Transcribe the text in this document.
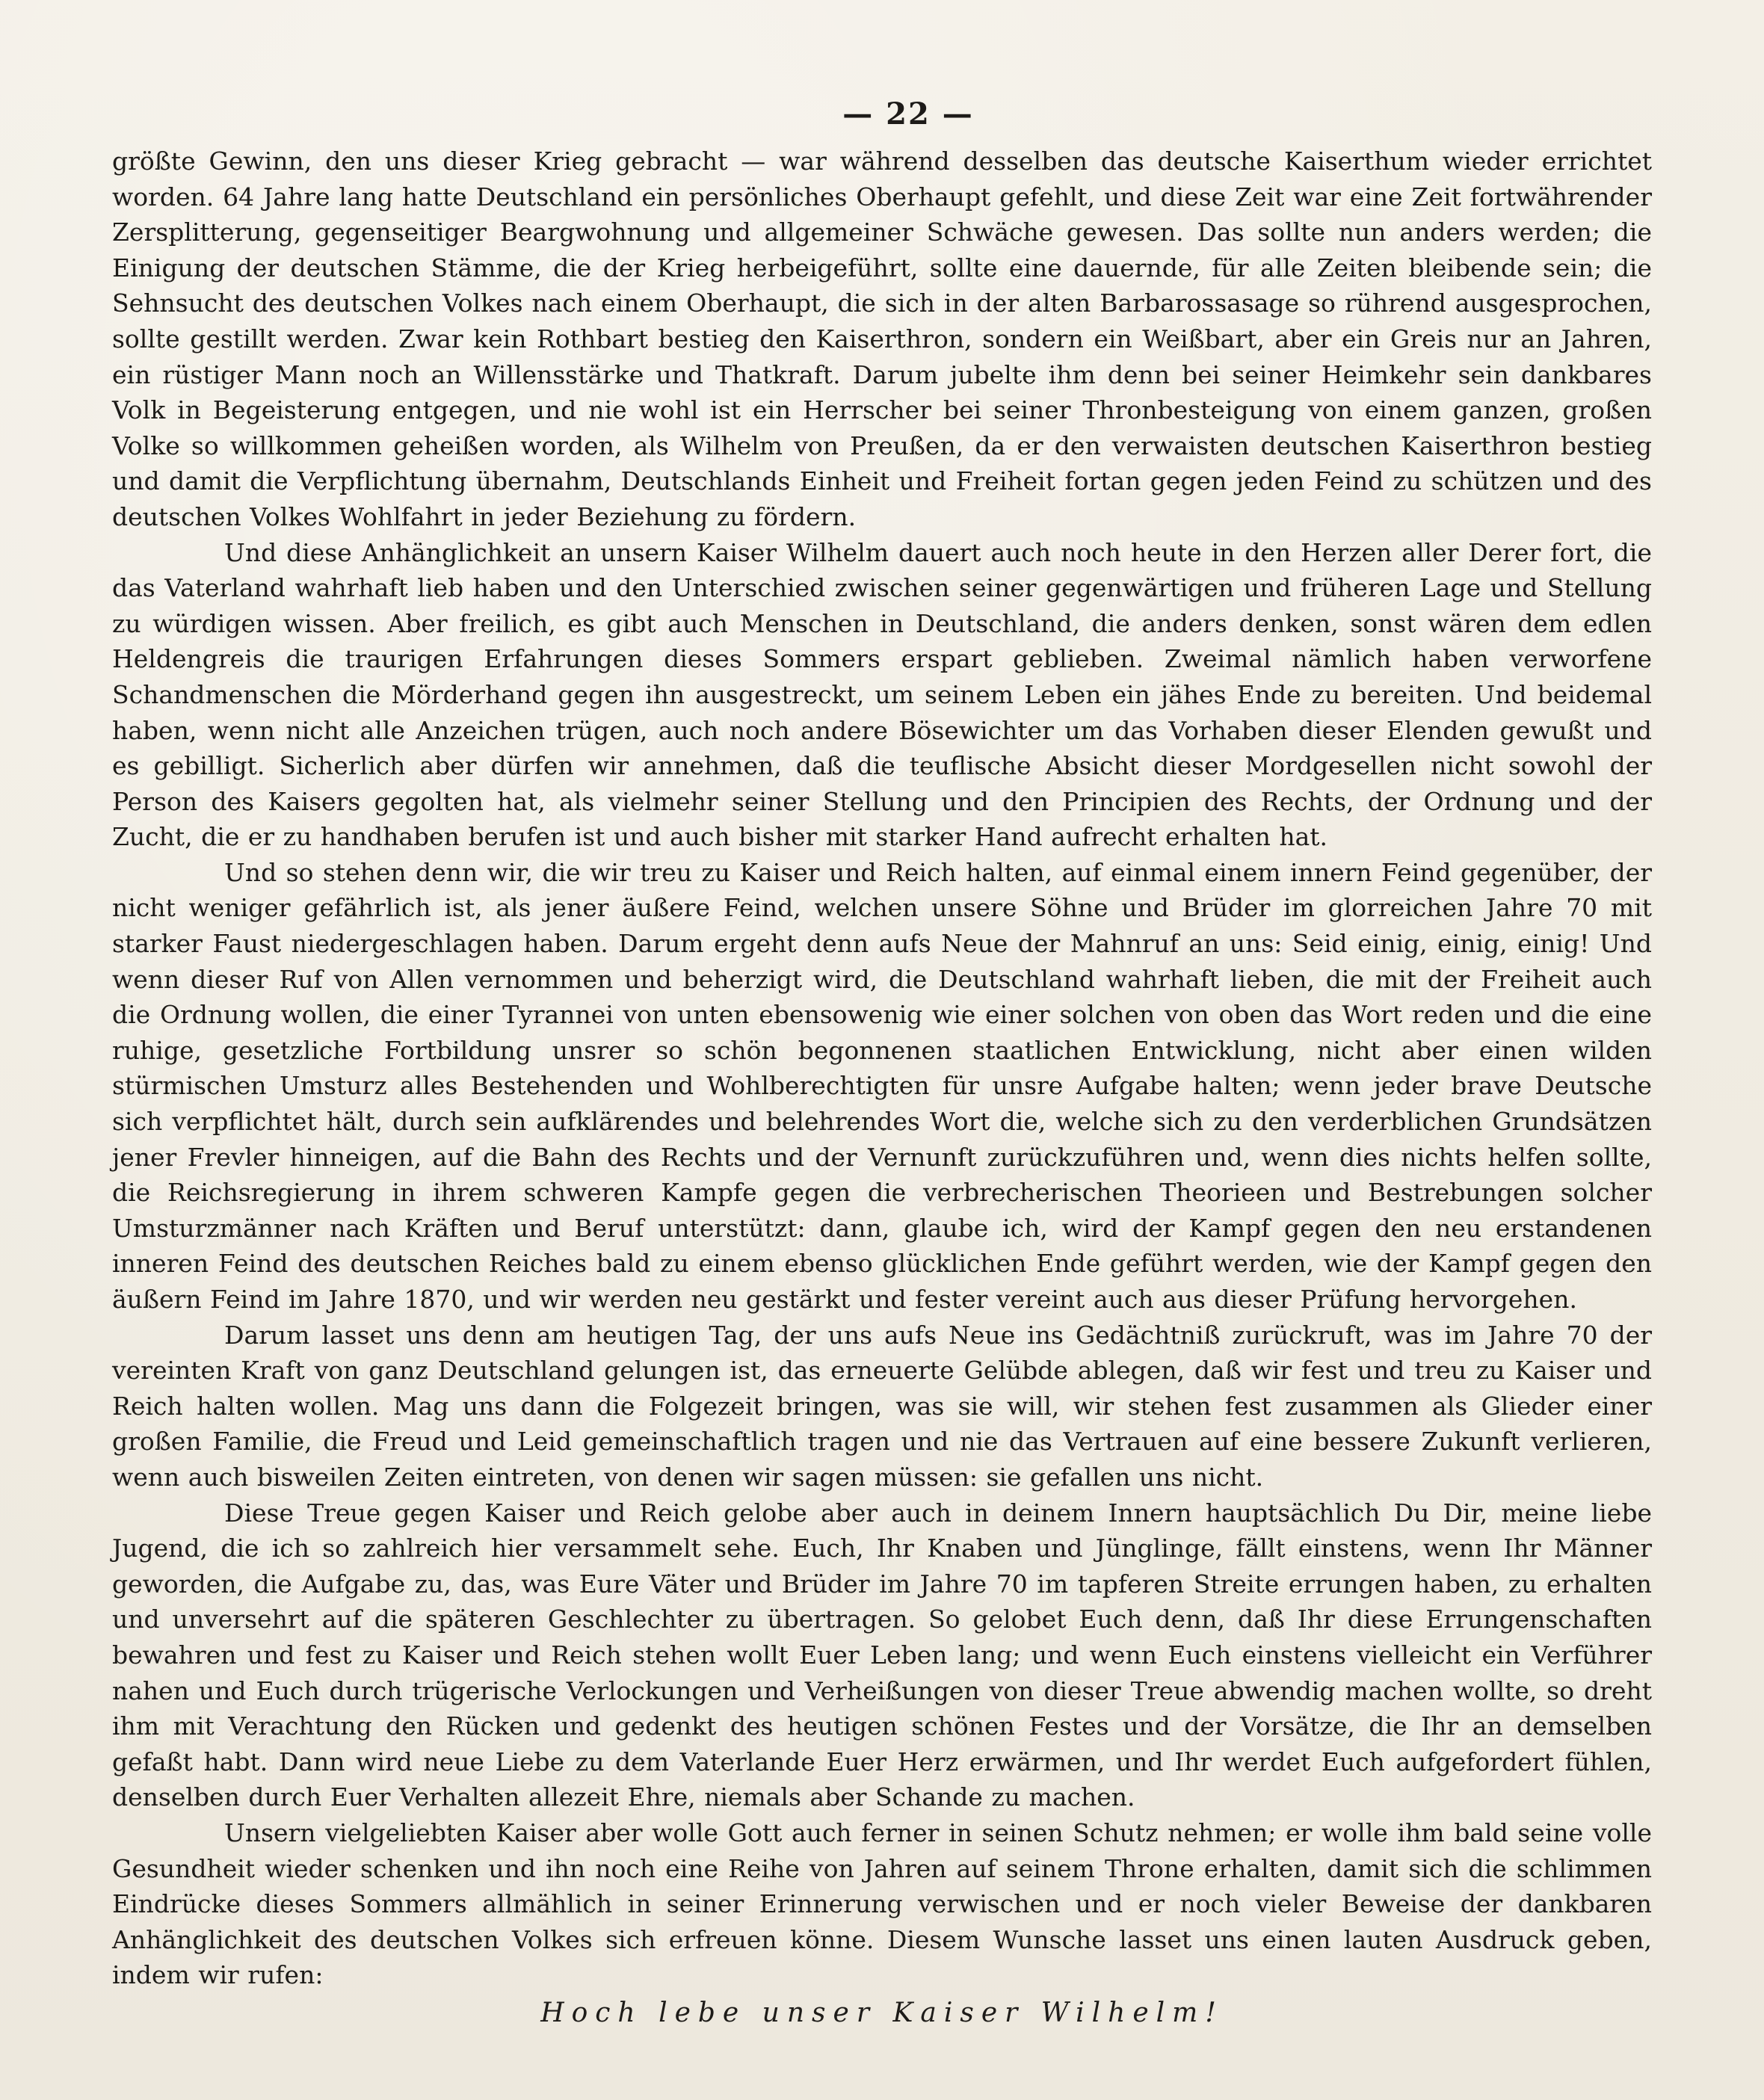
— 22 —

größte Gewinn, den uns dieser Krieg gebracht — war während desselben das deutsche Kaiserthum wieder errichtet worden. 64 Jahre lang hatte Deutschland ein persönliches Oberhaupt gefehlt, und diese Zeit war eine Zeit fortwährender Zersplitterung, gegenseitiger Beargwohnung und allgemeiner Schwäche gewesen. Das sollte nun anders werden; die Einigung der deutschen Stämme, die der Krieg herbeigeführt, sollte eine dauernde, für alle Zeiten bleibende sein; die Sehnsucht des deutschen Volkes nach einem Oberhaupt, die sich in der alten Barbarossasage so rührend ausgesprochen, sollte gestillt werden. Zwar kein Rothbart bestieg den Kaiserthron, sondern ein Weißbart, aber ein Greis nur an Jahren, ein rüstiger Mann noch an Willensstärke und Thatkraft. Darum jubelte ihm denn bei seiner Heimkehr sein dankbares Volk in Begeisterung entgegen, und nie wohl ist ein Herrscher bei seiner Thronbesteigung von einem ganzen, großen Volke so willkommen geheißen worden, als Wilhelm von Preußen, da er den verwaisten deutschen Kaiserthron bestieg und damit die Verpflichtung übernahm, Deutschlands Einheit und Freiheit fortan gegen jeden Feind zu schützen und des deutschen Volkes Wohlfahrt in jeder Beziehung zu fördern.

Und diese Anhänglichkeit an unsern Kaiser Wilhelm dauert auch noch heute in den Herzen aller Derer fort, die das Vaterland wahrhaft lieb haben und den Unterschied zwischen seiner gegenwärtigen und früheren Lage und Stellung zu würdigen wissen. Aber freilich, es gibt auch Menschen in Deutschland, die anders denken, sonst wären dem edlen Heldengreis die traurigen Erfahrungen dieses Sommers erspart geblieben. Zweimal nämlich haben verworfene Schandmenschen die Mörderhand gegen ihn ausgestreckt, um seinem Leben ein jähes Ende zu bereiten. Und beidemal haben, wenn nicht alle Anzeichen trügen, auch noch andere Bösewichter um das Vorhaben dieser Elenden gewußt und es gebilligt. Sicherlich aber dürfen wir annehmen, daß die teuflische Absicht dieser Mordgesellen nicht sowohl der Person des Kaisers gegolten hat, als vielmehr seiner Stellung und den Principien des Rechts, der Ordnung und der Zucht, die er zu handhaben berufen ist und auch bisher mit starker Hand aufrecht erhalten hat.

Und so stehen denn wir, die wir treu zu Kaiser und Reich halten, auf einmal einem innern Feind gegenüber, der nicht weniger gefährlich ist, als jener äußere Feind, welchen unsere Söhne und Brüder im glorreichen Jahre 70 mit starker Faust niedergeschlagen haben. Darum ergeht denn aufs Neue der Mahnruf an uns: Seid einig, einig, einig! Und wenn dieser Ruf von Allen vernommen und beherzigt wird, die Deutschland wahrhaft lieben, die mit der Freiheit auch die Ordnung wollen, die einer Tyrannei von unten ebensowenig wie einer solchen von oben das Wort reden und die eine ruhige, gesetzliche Fortbildung unsrer so schön begonnenen staatlichen Entwicklung, nicht aber einen wilden stürmischen Umsturz alles Bestehenden und Wohlberechtigten für unsre Aufgabe halten; wenn jeder brave Deutsche sich verpflichtet hält, durch sein aufklärendes und belehrendes Wort die, welche sich zu den verderblichen Grundsätzen jener Frevler hinneigen, auf die Bahn des Rechts und der Vernunft zurückzuführen und, wenn dies nichts helfen sollte, die Reichsregierung in ihrem schweren Kampfe gegen die verbrecherischen Theorieen und Bestrebungen solcher Umsturzmänner nach Kräften und Beruf unterstützt: dann, glaube ich, wird der Kampf gegen den neu erstandenen inneren Feind des deutschen Reiches bald zu einem ebenso glücklichen Ende geführt werden, wie der Kampf gegen den äußern Feind im Jahre 1870, und wir werden neu gestärkt und fester vereint auch aus dieser Prüfung hervorgehen.

Darum lasset uns denn am heutigen Tag, der uns aufs Neue ins Gedächtniß zurückruft, was im Jahre 70 der vereinten Kraft von ganz Deutschland gelungen ist, das erneuerte Gelübde ablegen, daß wir fest und treu zu Kaiser und Reich halten wollen. Mag uns dann die Folgezeit bringen, was sie will, wir stehen fest zusammen als Glieder einer großen Familie, die Freud und Leid gemeinschaftlich tragen und nie das Vertrauen auf eine bessere Zukunft verlieren, wenn auch bisweilen Zeiten eintreten, von denen wir sagen müssen: sie gefallen uns nicht.

Diese Treue gegen Kaiser und Reich gelobe aber auch in deinem Innern hauptsächlich Du Dir, meine liebe Jugend, die ich so zahlreich hier versammelt sehe. Euch, Ihr Knaben und Jünglinge, fällt einstens, wenn Ihr Männer geworden, die Aufgabe zu, das, was Eure Väter und Brüder im Jahre 70 im tapferen Streite errungen haben, zu erhalten und unversehrt auf die späteren Geschlechter zu übertragen. So gelobet Euch denn, daß Ihr diese Errungenschaften bewahren und fest zu Kaiser und Reich stehen wollt Euer Leben lang; und wenn Euch einstens vielleicht ein Verführer nahen und Euch durch trügerische Verlockungen und Verheißungen von dieser Treue abwendig machen wollte, so dreht ihm mit Verachtung den Rücken und gedenkt des heutigen schönen Festes und der Vorsätze, die Ihr an demselben gefaßt habt. Dann wird neue Liebe zu dem Vaterlande Euer Herz erwärmen, und Ihr werdet Euch aufgefordert fühlen, denselben durch Euer Verhalten allezeit Ehre, niemals aber Schande zu machen.

Unsern vielgeliebten Kaiser aber wolle Gott auch ferner in seinen Schutz nehmen; er wolle ihm bald seine volle Gesundheit wieder schenken und ihn noch eine Reihe von Jahren auf seinem Throne erhalten, damit sich die schlimmen Eindrücke dieses Sommers allmählich in seiner Erinnerung verwischen und er noch vieler Beweise der dankbaren Anhänglichkeit des deutschen Volkes sich erfreuen könne. Diesem Wunsche lasset uns einen lauten Ausdruck geben, indem wir rufen:

Hoch lebe unser Kaiser Wilhelm!
